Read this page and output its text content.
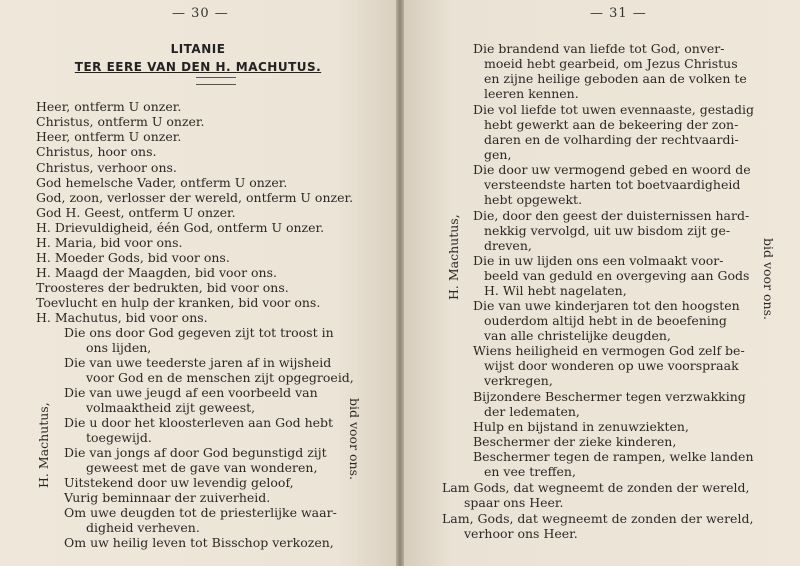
— 30 —
LITANIE
TER EERE VAN DEN H. MACHUTUS.
Heer, ontferm U onzer.
Christus, ontferm U onzer.
Heer, ontferm U onzer.
Christus, hoor ons.
Christus, verhoor ons.
God hemelsche Vader, ontferm U onzer.
God, zoon, verlosser der wereld, ontferm U onzer.
God H. Geest, ontferm U onzer.
H. Drievuldigheid, één God, ontferm U onzer.
H. Maria, bid voor ons.
H. Moeder Gods, bid voor ons.
H. Maagd der Maagden, bid voor ons.
Troosteres der bedrukten, bid voor ons.
Toevlucht en hulp der kranken, bid voor ons.
H. Machutus, bid voor ons.
Die ons door God gegeven zijt tot troost in
ons lijden,
Die van uwe teederste jaren af in wijsheid
voor God en de menschen zijt opgegroeid,
Die van uwe jeugd af een voorbeeld van
volmaaktheid zijt geweest,
Die u door het kloosterleven aan God hebt
toegewijd.
Die van jongs af door God begunstigd zijt
geweest met de gave van wonderen,
Uitstekend door uw levendig geloof,
Vurig beminnaar der zuiverheid.
Om uwe deugden tot de priesterlijke waar-
digheid verheven.
Om uw heilig leven tot Bisschop verkozen,
H. Machutus,	bid voor ons.
— 31 —
Die brandend van liefde tot God, onver-
moeid hebt gearbeid, om Jezus Christus
en zijne heilige geboden aan de volken te
leeren kennen.
Die vol liefde tot uwen evennaaste, gestadig
hebt gewerkt aan de bekeering der zon-
daren en de volharding der rechtvaardi-
gen,
Die door uw vermogend gebed en woord de
versteendste harten tot boetvaardigheid
hebt opgewekt.
Die, door den geest der duisternissen hard-
nekkig vervolgd, uit uw bisdom zijt ge-
dreven,
Die in uw lijden ons een volmaakt voor-
beeld van geduld en overgeving aan Gods
H. Wil hebt nagelaten,
Die van uwe kinderjaren tot den hoogsten
ouderdom altijd hebt in de beoefening
van alle christelijke deugden,
Wiens heiligheid en vermogen God zelf be-
wijst door wonderen op uwe voorspraak
verkregen,
Bijzondere Beschermer tegen verzwakking
der ledematen,
Hulp en bijstand in zenuwziekten,
Beschermer der zieke kinderen,
Beschermer tegen de rampen, welke landen
en vee treffen,
Lam Gods, dat wegneemt de zonden der wereld,
spaar ons Heer.
Lam, Gods, dat wegneemt de zonden der wereld,
verhoor ons Heer.
H. Machutus,	bid voor ons.
